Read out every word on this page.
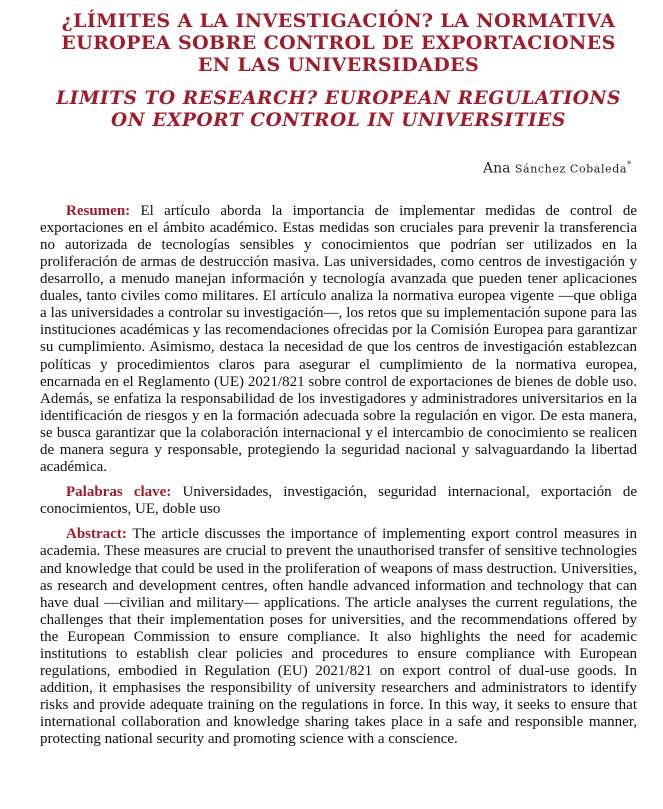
¿LÍMITES A LA INVESTIGACIÓN? LA NORMATIVA
EUROPEA SOBRE CONTROL DE EXPORTACIONES
EN LAS UNIVERSIDADES
LIMITS TO RESEARCH? EUROPEAN REGULATIONS
ON EXPORT CONTROL IN UNIVERSITIES
Ana Sánchez Cobaleda*

Resumen: El artículo aborda la importancia de implementar medidas de control de exportaciones en el ámbito académico. Estas medidas son cruciales para prevenir la transferencia no autorizada de tecnologías sensibles y conocimientos que podrían ser utilizados en la proliferación de armas de destrucción masiva. Las universidades, como centros de investigación y desarrollo, a menudo manejan información y tecnología avanzada que pueden tener aplicaciones duales, tanto civiles como militares. El artículo analiza la normativa europea vigente —que obliga a las universidades a controlar su investigación—, los retos que su implementación supone para las instituciones académicas y las recomendaciones ofrecidas por la Comisión Europea para garantizar su cumplimiento. Asimismo, destaca la necesidad de que los centros de investigación establezcan políticas y procedimientos claros para asegurar el cumplimiento de la normativa europea, encarnada en el Reglamento (UE) 2021/821 sobre control de exportaciones de bienes de doble uso. Además, se enfatiza la responsabilidad de los investigadores y administradores universitarios en la identificación de riesgos y en la formación adecuada sobre la regulación en vigor. De esta manera, se busca garantizar que la colaboración internacional y el intercambio de conocimiento se realicen de manera segura y responsable, protegiendo la seguridad nacional y salvaguardando la libertad académica.

Palabras clave: Universidades, investigación, seguridad internacional, exportación de conocimientos, UE, doble uso

Abstract: The article discusses the importance of implementing export control measures in academia. These measures are crucial to prevent the unauthorised transfer of sensitive technologies and knowledge that could be used in the proliferation of weapons of mass destruction. Universities, as research and development centres, often handle advanced information and technology that can have dual —civilian and military— applications. The article analyses the current regulations, the challenges that their implementation poses for universities, and the recommendations offered by the European Commission to ensure compliance. It also highlights the need for academic institutions to establish clear policies and procedures to ensure compliance with European regulations, embodied in Regulation (EU) 2021/821 on export control of dual-use goods. In addition, it emphasises the responsibility of university researchers and administrators to identify risks and provide adequate training on the regulations in force. In this way, it seeks to ensure that international collaboration and knowledge sharing takes place in a safe and responsible manner, protecting national security and promoting science with a conscience.
